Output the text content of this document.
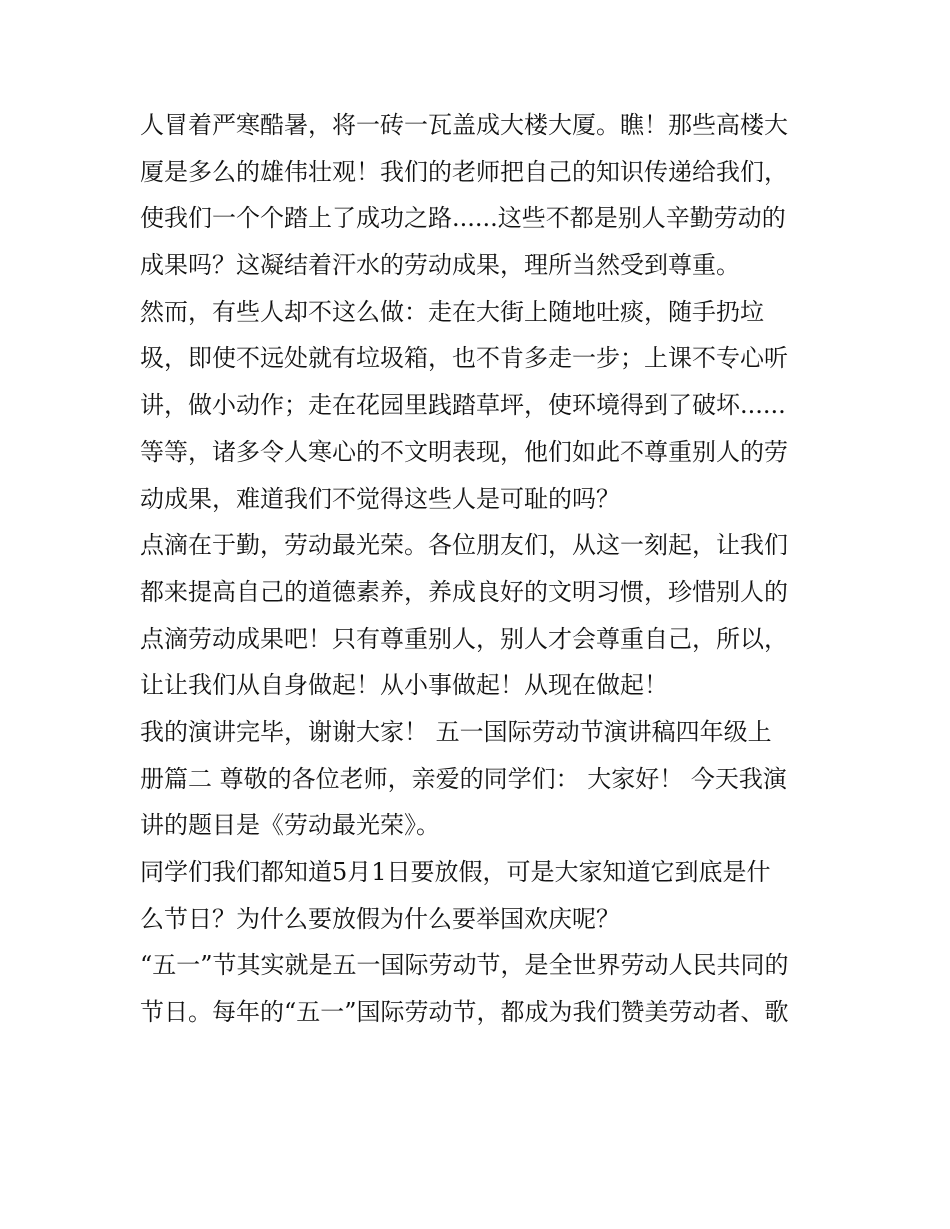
人冒着严寒酷暑，将一砖一瓦盖成大楼大厦。瞧！那些高楼大
厦是多么的雄伟壮观！我们的老师把自己的知识传递给我们，
使我们一个个踏上了成功之路......这些不都是别人辛勤劳动的
成果吗？这凝结着汗水的劳动成果，理所当然受到尊重。
然而，有些人却不这么做：走在大街上随地吐痰，随手扔垃
圾，即使不远处就有垃圾箱，也不肯多走一步；上课不专心听
讲，做小动作；走在花园里践踏草坪，使环境得到了破坏......
等等，诸多令人寒心的不文明表现，他们如此不尊重别人的劳
动成果，难道我们不觉得这些人是可耻的吗？
点滴在于勤，劳动最光荣。各位朋友们，从这一刻起，让我们
都来提高自己的道德素养，养成良好的文明习惯，珍惜别人的
点滴劳动成果吧！只有尊重别人，别人才会尊重自己，所以，
让让我们从自身做起！从小事做起！从现在做起！
我的演讲完毕，谢谢大家！ 五一国际劳动节演讲稿四年级上
册篇二 尊敬的各位老师，亲爱的同学们： 大家好！ 今天我演
讲的题目是《劳动最光荣》。
同学们我们都知道5月1日要放假，可是大家知道它到底是什
么节日？为什么要放假为什么要举国欢庆呢？
“五一”节其实就是五一国际劳动节，是全世界劳动人民共同的
节日。每年的“五一”国际劳动节，都成为我们赞美劳动者、歌
